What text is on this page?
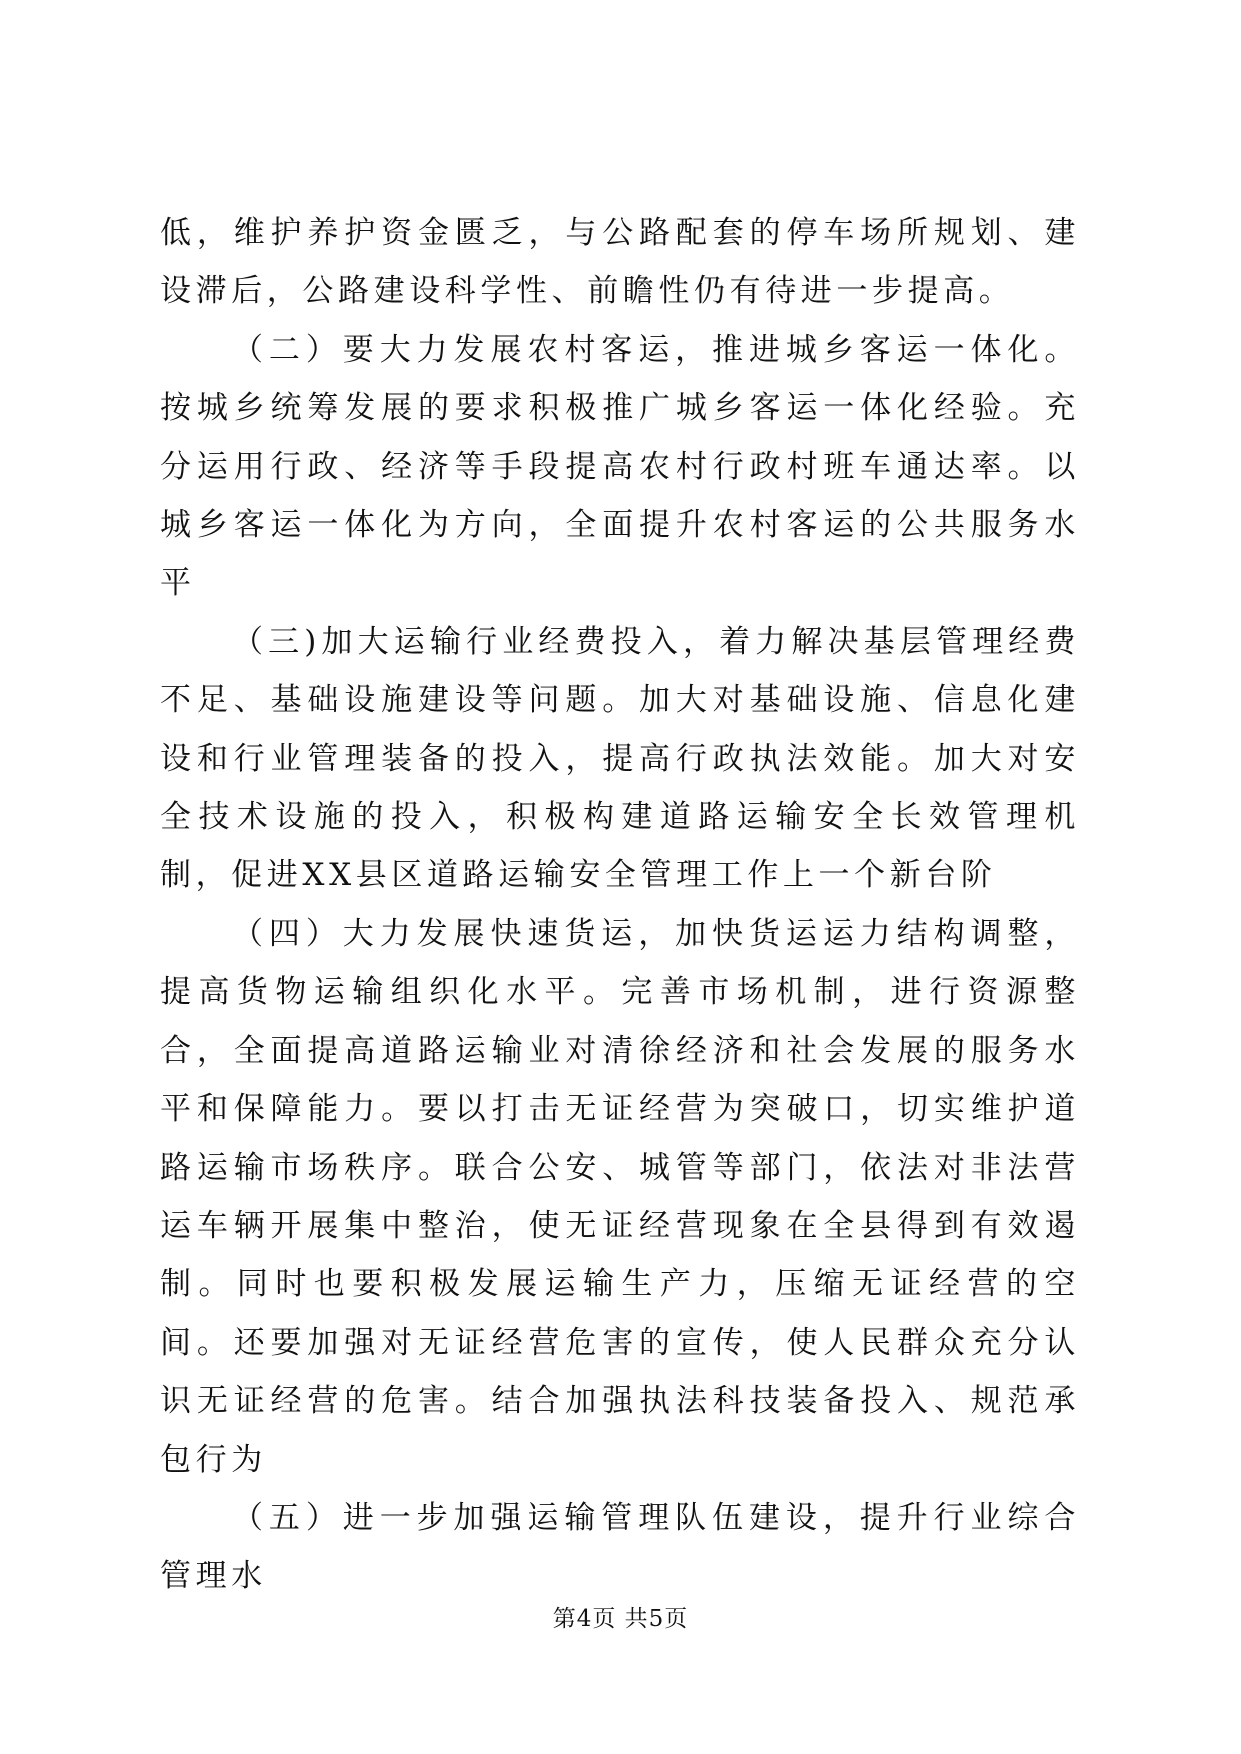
低，维护养护资金匮乏，与公路配套的停车场所规划、建设滞后，公路建设科学性、前瞻性仍有待进一步提高。

（二）要大力发展农村客运，推进城乡客运一体化。按城乡统筹发展的要求积极推广城乡客运一体化经验。充分运用行政、经济等手段提高农村行政村班车通达率。以城乡客运一体化为方向，全面提升农村客运的公共服务水平

（三)加大运输行业经费投入，着力解决基层管理经费不足、基础设施建设等问题。加大对基础设施、信息化建设和行业管理装备的投入，提高行政执法效能。加大对安全技术设施的投入，积极构建道路运输安全长效管理机制，促进XX县区道路运输安全管理工作上一个新台阶

（四）大力发展快速货运，加快货运运力结构调整，提高货物运输组织化水平。完善市场机制，进行资源整合，全面提高道路运输业对清徐经济和社会发展的服务水平和保障能力。要以打击无证经营为突破口，切实维护道路运输市场秩序。联合公安、城管等部门，依法对非法营运车辆开展集中整治，使无证经营现象在全县得到有效遏制。同时也要积极发展运输生产力，压缩无证经营的空间。还要加强对无证经营危害的宣传，使人民群众充分认识无证经营的危害。结合加强执法科技装备投入、规范承包行为

（五）进一步加强运输管理队伍建设，提升行业综合管理水

第4页 共5页
